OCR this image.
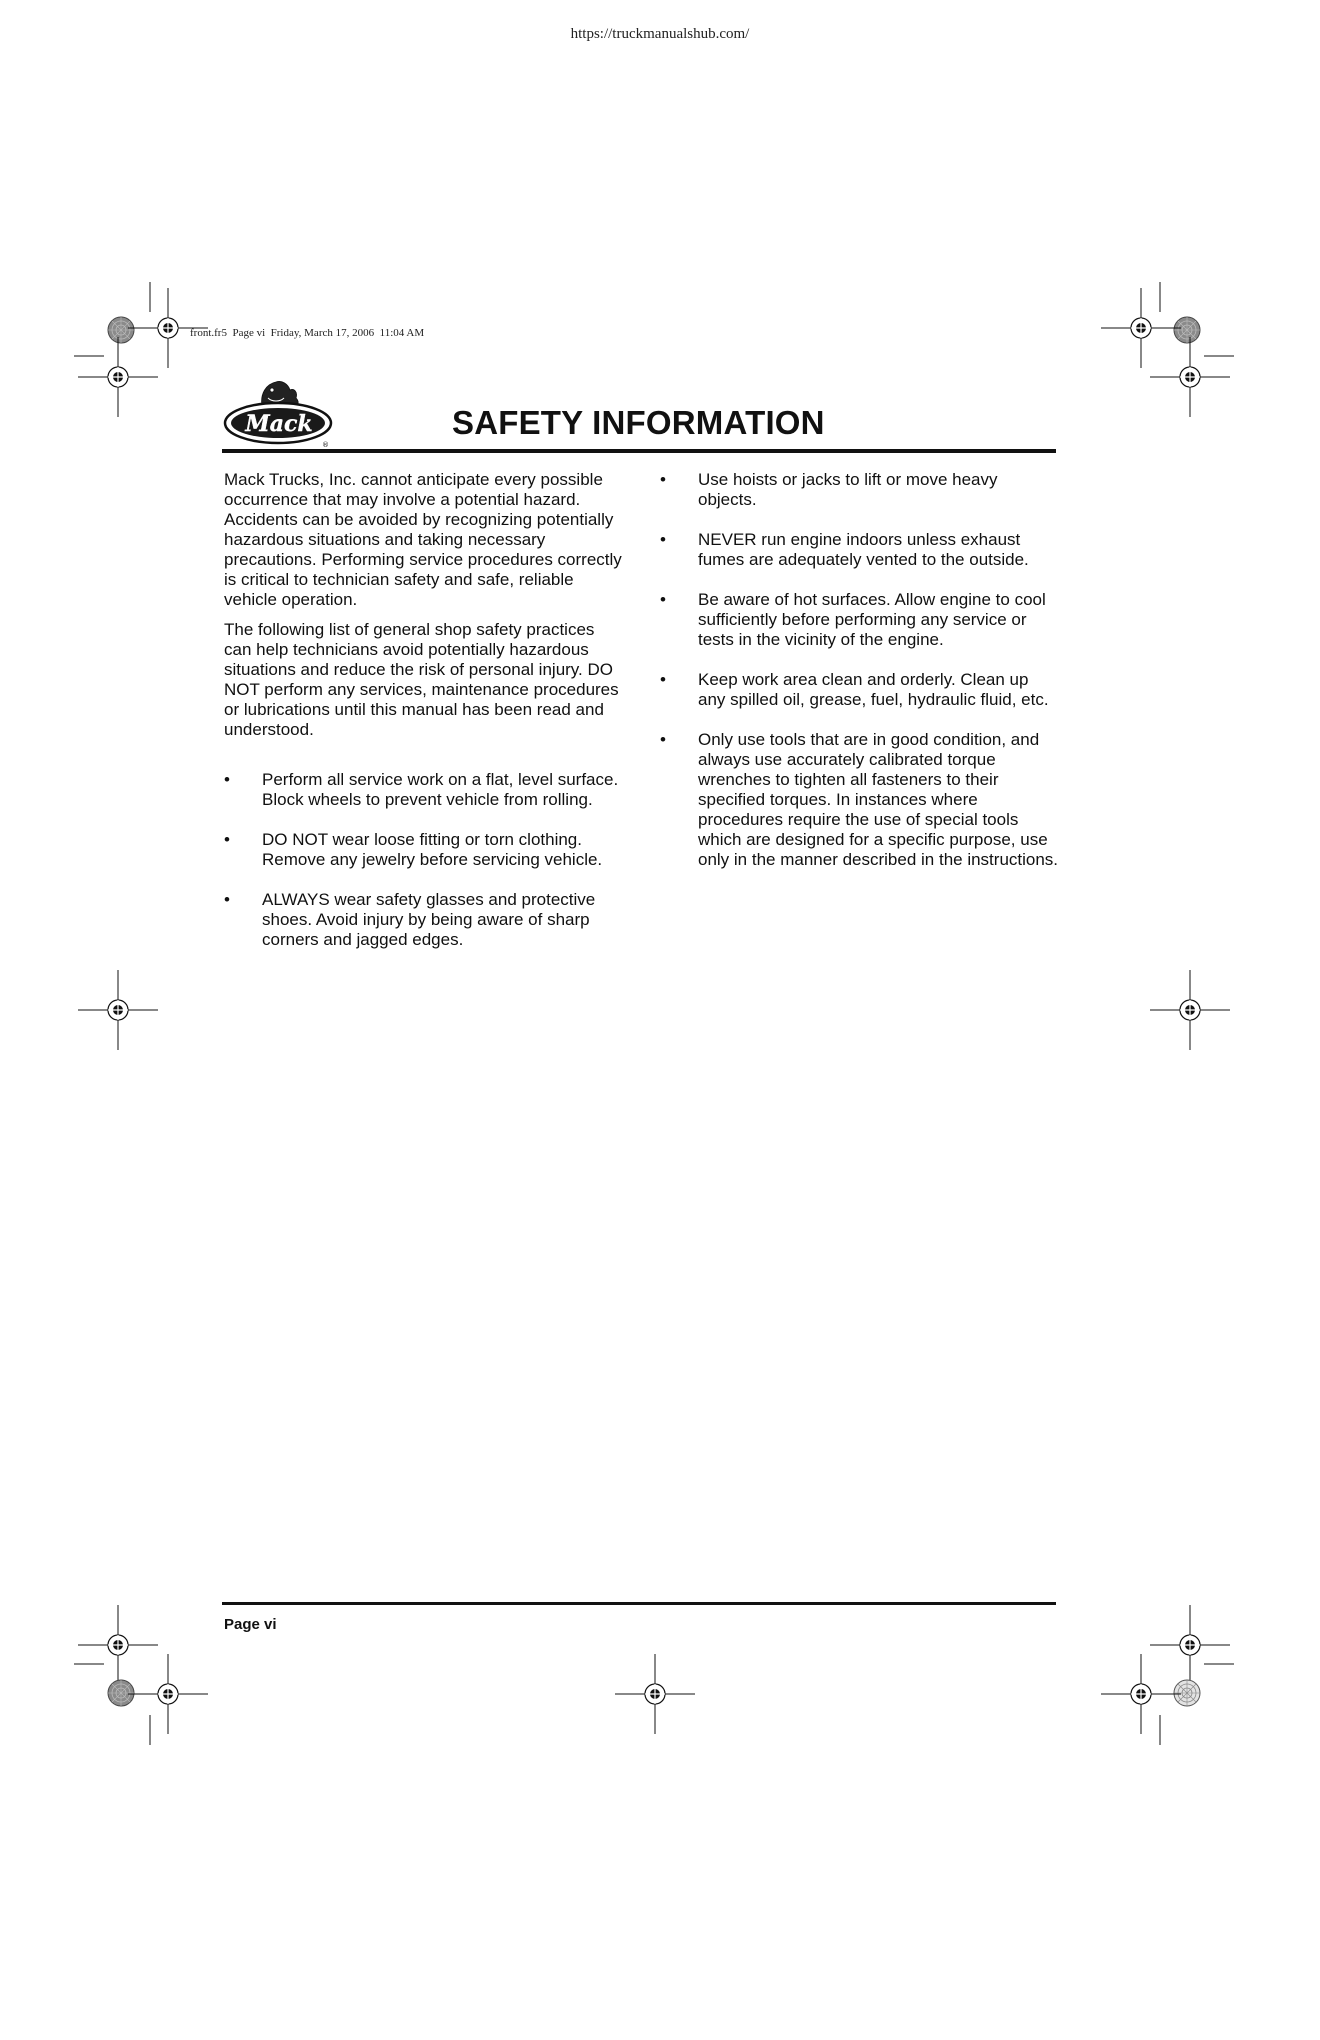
https://truckmanualshub.com/
front.fr5  Page vi  Friday, March 17, 2006  11:04 AM
Mack
®
SAFETY INFORMATION

Mack Trucks, Inc. cannot anticipate every possible occurrence that may involve a potential hazard. Accidents can be avoided by recognizing potentially hazardous situations and taking necessary precautions. Performing service procedures correctly is critical to technician safety and safe, reliable vehicle operation.

The following list of general shop safety practices can help technicians avoid potentially hazardous situations and reduce the risk of personal injury. DO NOT perform any services, maintenance procedures or lubrications until this manual has been read and understood.

• Perform all service work on a flat, level surface. Block wheels to prevent vehicle from rolling.
• DO NOT wear loose fitting or torn clothing. Remove any jewelry before servicing vehicle.
• ALWAYS wear safety glasses and protective shoes. Avoid injury by being aware of sharp corners and jagged edges.
• Use hoists or jacks to lift or move heavy objects.
• NEVER run engine indoors unless exhaust fumes are adequately vented to the outside.
• Be aware of hot surfaces. Allow engine to cool sufficiently before performing any service or tests in the vicinity of the engine.
• Keep work area clean and orderly. Clean up any spilled oil, grease, fuel, hydraulic fluid, etc.
• Only use tools that are in good condition, and always use accurately calibrated torque wrenches to tighten all fasteners to their specified torques. In instances where procedures require the use of special tools which are designed for a specific purpose, use only in the manner described in the instructions.
Page vi
